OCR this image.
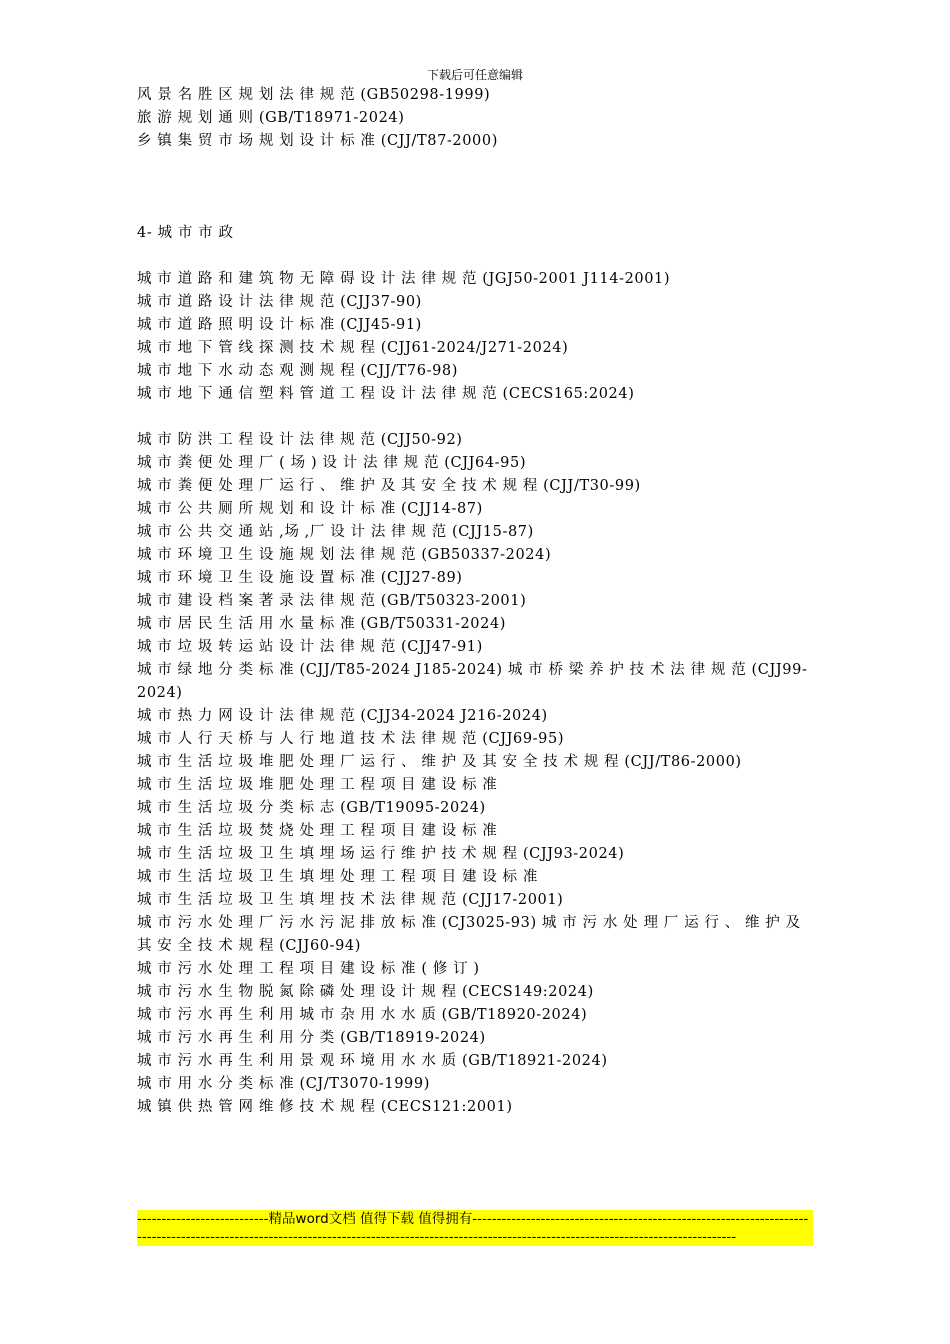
下载后可任意编辑
风 景 名 胜 区 规 划 法 律 规 范 (GB50298-1999)
旅 游 规 划 通 则 (GB/T18971-2024)
乡 镇 集 贸 市 场 规 划 设 计 标 准 (CJJ/T87-2000)
4- 城 市 市 政
城 市 道 路 和 建 筑 物 无 障 碍 设 计 法 律 规 范 (JGJ50-2001 J114-2001)
城 市 道 路 设 计 法 律 规 范 (CJJ37-90)
城 市 道 路 照 明 设 计 标 准 (CJJ45-91)
城 市 地 下 管 线 探 测 技 术 规 程 (CJJ61-2024/J271-2024)
城 市 地 下 水 动 态 观 测 规 程 (CJJ/T76-98)
城 市 地 下 通 信 塑 料 管 道 工 程 设 计 法 律 规 范 (CECS165:2024)
城 市 防 洪 工 程 设 计 法 律 规 范 (CJJ50-92)
城 市 粪 便 处 理 厂 ( 场 ) 设 计 法 律 规 范 (CJJ64-95)
城 市 粪 便 处 理 厂 运 行 、 维 护 及 其 安 全 技 术 规 程 (CJJ/T30-99)
城 市 公 共 厕 所 规 划 和 设 计 标 准 (CJJ14-87)
城 市 公 共 交 通 站 ,场 ,厂 设 计 法 律 规 范 (CJJ15-87)
城 市 环 境 卫 生 设 施 规 划 法 律 规 范 (GB50337-2024)
城 市 环 境 卫 生 设 施 设 置 标 准 (CJJ27-89)
城 市 建 设 档 案 著 录 法 律 规 范 (GB/T50323-2001)
城 市 居 民 生 活 用 水 量 标 准 (GB/T50331-2024)
城 市 垃 圾 转 运 站 设 计 法 律 规 范 (CJJ47-91)
城 市 绿 地 分 类 标 准 (CJJ/T85-2024 J185-2024) 城 市 桥 梁 养 护 技 术 法 律 规 范 (CJJ99-2024)
城 市 热 力 网 设 计 法 律 规 范 (CJJ34-2024 J216-2024)
城 市 人 行 天 桥 与 人 行 地 道 技 术 法 律 规 范 (CJJ69-95)
城 市 生 活 垃 圾 堆 肥 处 理 厂 运 行 、 维 护 及 其 安 全 技 术 规 程 (CJJ/T86-2000)
城 市 生 活 垃 圾 堆 肥 处 理 工 程 项 目 建 设 标 准
城 市 生 活 垃 圾 分 类 标 志 (GB/T19095-2024)
城 市 生 活 垃 圾 焚 烧 处 理 工 程 项 目 建 设 标 准
城 市 生 活 垃 圾 卫 生 填 埋 场 运 行 维 护 技 术 规 程 (CJJ93-2024)
城 市 生 活 垃 圾 卫 生 填 埋 处 理 工 程 项 目 建 设 标 准
城 市 生 活 垃 圾 卫 生 填 埋 技 术 法 律 规 范 (CJJ17-2001)
城 市 污 水 处 理 厂 污 水 污 泥 排 放 标 准 (CJ3025-93) 城 市 污 水 处 理 厂 运 行 、 维 护 及 其 安 全 技 术 规 程 (CJJ60-94)
城 市 污 水 处 理 工 程 项 目 建 设 标 准 ( 修 订 )
城 市 污 水 生 物 脱 氮 除 磷 处 理 设 计 规 程 (CECS149:2024)
城 市 污 水 再 生 利 用 城 市 杂 用 水 水 质 (GB/T18920-2024)
城 市 污 水 再 生 利 用 分 类 (GB/T18919-2024)
城 市 污 水 再 生 利 用 景 观 环 境 用 水 水 质 (GB/T18921-2024)
城 市 用 水 分 类 标 准 (CJ/T3070-1999)
城 镇 供 热 管 网 维 修 技 术 规 程 (CECS121:2001)
---------------------------精品word文档 值得下载 值得拥有------------------------------------------------------------------------------------------------------------------------------------------------------------------------------------------------
